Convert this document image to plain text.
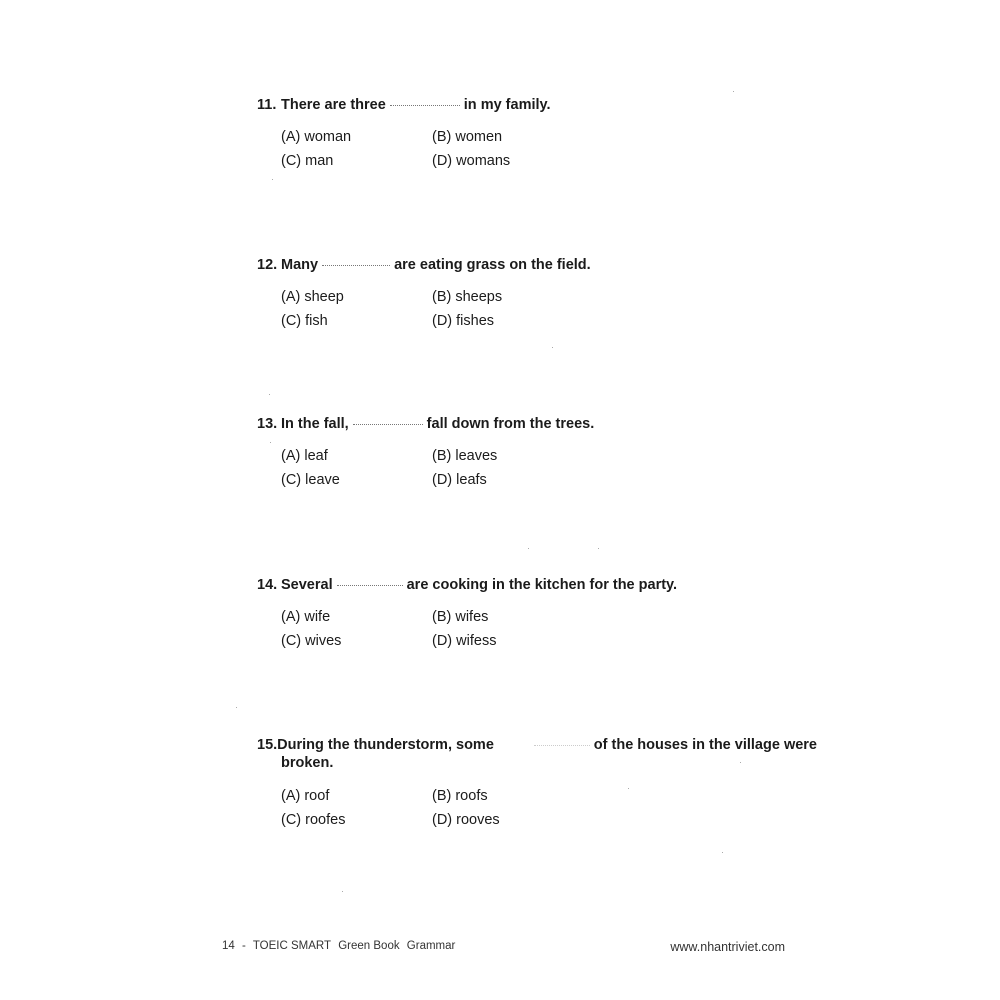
11. There are three	in my family.
(A) woman	(B) women
(C) man	(D) womans
12. Many	are eating grass on the field.
(A) sheep	(B) sheeps
(C) fish	(D) fishes
13. In the fall,	fall down from the trees.
(A) leaf	(B) leaves
(C) leave	(D) leafs
14. Several	are cooking in the kitchen for the party.
(A) wife	(B) wifes
(C) wives	(D) wifess
15. During the thunderstorm, some	of the houses in the village were
broken.
(A) roof	(B) roofs
(C) roofes	(D) rooves
14 - TOEIC SMART Green Book Grammar	www.nhantriviet.com
